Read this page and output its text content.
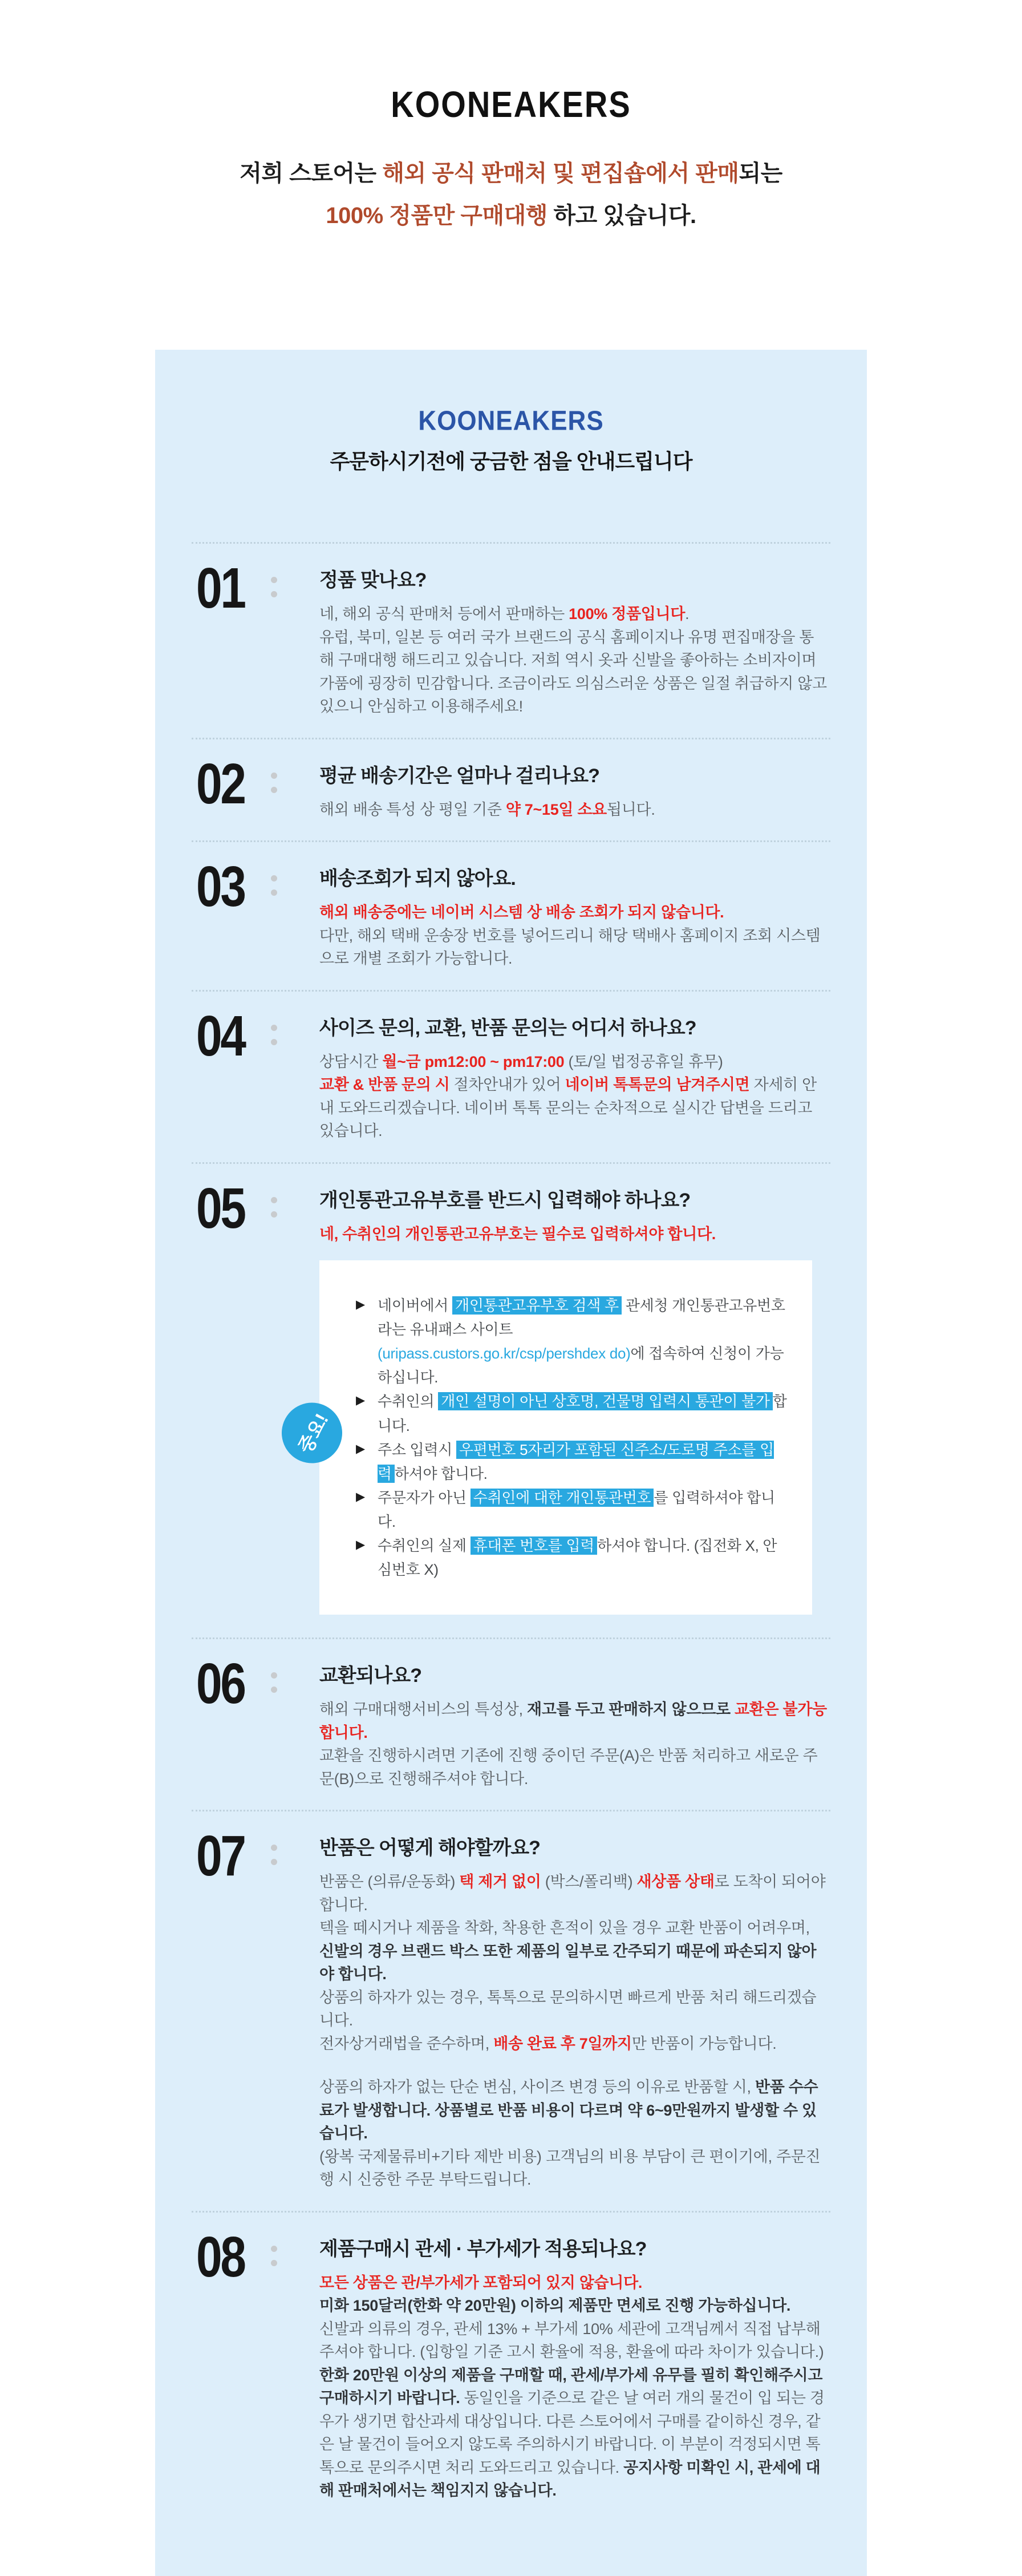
KOONEAKERS
저희 스토어는 해외 공식 판매처 및 편집숍에서 판매되는
100% 정품만 구매대행 하고 있습니다.
KOONEAKERS
주문하시기전에 궁금한 점을 안내드립니다
01	정품 맞나요?

네, 해외 공식 판매처 등에서 판매하는 100% 정품입니다.

유럽, 북미, 일본 등 여러 국가 브랜드의 공식 홈페이지나 유명 편집매장을 통해 구매대행 해드리고 있습니다. 저희 역시 옷과 신발을 좋아하는 소비자이며 가품에 굉장히 민감합니다. 조금이라도 의심스러운 상품은 일절 취급하지 않고 있으니 안심하고 이용해주세요!

02	평균 배송기간은 얼마나 걸리나요?

해외 배송 특성 상 평일 기준 약 7~15일 소요됩니다.

03	배송조회가 되지 않아요.

해외 배송중에는 네이버 시스템 상 배송 조회가 되지 않습니다.

다만, 해외 택배 운송장 번호를 넣어드리니 해당 택배사 홈페이지 조회 시스템으로 개별 조회가 가능합니다.

04	사이즈 문의, 교환, 반품 문의는 어디서 하나요?

상담시간 월~금 pm12:00 ~ pm17:00 (토/일 법정공휴일 휴무)

교환 & 반품 문의 시 절차안내가 있어 네이버 톡톡문의 남겨주시면 자세히 안내 도와드리겠습니다. 네이버 톡톡 문의는 순차적으로 실시간 답변을 드리고 있습니다.

05	개인통관고유부호를 반드시 입력해야 하나요?

네, 수취인의 개인통관고유부호는 필수로 입력하셔야 합니다.

중요!
▶ 네이버에서 개인통관고유부호 검색 후 관세청 개인통관고유번호 라는 유내패스 사이트
(uripass.custors.go.kr/csp/pershdex do)에 접속하여 신청이 가능하십니다.
▶ 수취인의 개인 설명이 아닌 상호명, 건물명 입력시 통관이 불가 합니다.
▶ 주소 입력시 우편번호 5자리가 포함된 신주소/도로명 주소를 입력 하셔야 합니다.
▶ 주문자가 아닌 수취인에 대한 개인통관번호 를 입력하셔야 합니다.
▶ 수취인의 실제 휴대폰 번호를 입력 하셔야 합니다. (집전화 X, 안심번호 X)
06	교환되나요?

해외 구매대행서비스의 특성상, 재고를 두고 판매하지 않으므로 교환은 불가능합니다.

교환을 진행하시려면 기존에 진행 중이던 주문(A)은 반품 처리하고 새로운 주문(B)으로 진행해주셔야 합니다.

07	반품은 어떻게 해야할까요?

반품은 (의류/운동화) 택 제거 없이 (박스/폴리백) 새상품 상태로 도착이 되어야 합니다.

텍을 떼시거나 제품을 착화, 착용한 흔적이 있을 경우 교환 반품이 어려우며, 신발의 경우 브랜드 박스 또한 제품의 일부로 간주되기 때문에 파손되지 않아야 합니다.

상품의 하자가 있는 경우, 톡톡으로 문의하시면 빠르게 반품 처리 해드리겠습니다.

전자상거래법을 준수하며, 배송 완료 후 7일까지만 반품이 가능합니다.

상품의 하자가 없는 단순 변심, 사이즈 변경 등의 이유로 반품할 시, 반품 수수료가 발생합니다. 상품별로 반품 비용이 다르며 약 6~9만원까지 발생할 수 있습니다.

(왕복 국제물류비+기타 제반 비용) 고객님의 비용 부담이 큰 편이기에, 주문진행 시 신중한 주문 부탁드립니다.

08	제품구매시 관세 · 부가세가 적용되나요?

모든 상품은 관/부가세가 포함되어 있지 않습니다.

미화 150달러(한화 약 20만원) 이하의 제품만 면세로 진행 가능하십니다.

신발과 의류의 경우, 관세 13% + 부가세 10% 세관에 고객님께서 직접 납부해주셔야 합니다. (입항일 기준 고시 환율에 적용, 환율에 따라 차이가 있습니다.)

한화 20만원 이상의 제품을 구매할 때, 관세/부가세 유무를 필히 확인해주시고 구매하시기 바랍니다. 동일인을 기준으로 같은 날 여러 개의 물건이 입 되는 경우가 생기면 합산과세 대상입니다. 다른 스토어에서 구매를 같이하신 경우, 같은 날 물건이 들어오지 않도록 주의하시기 바랍니다. 이 부분이 걱정되시면 톡톡으로 문의주시면 처리 도와드리고 있습니다. 공지사항 미확인 시, 관세에 대해 판매처에서는 책임지지 않습니다.
